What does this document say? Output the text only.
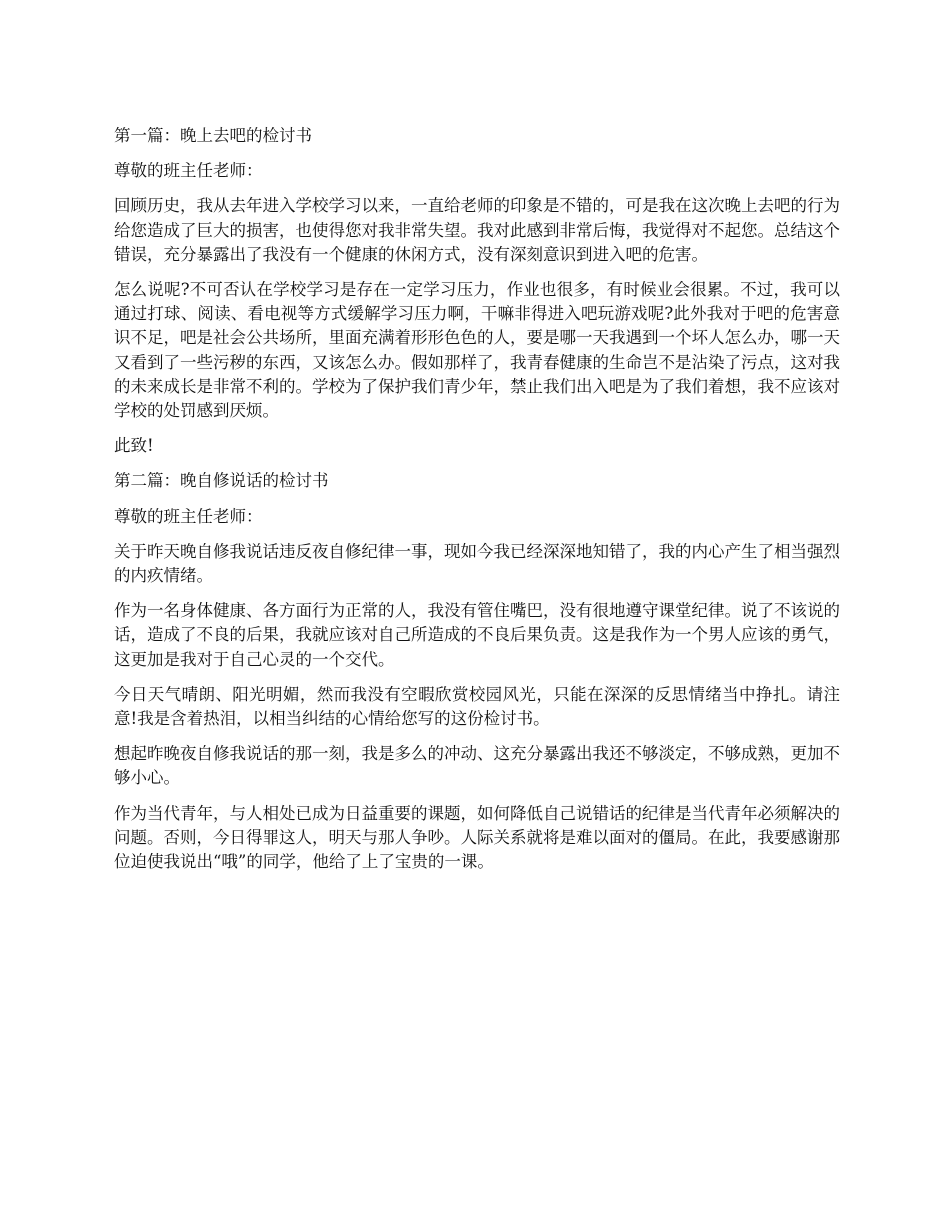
第一篇：晚上去吧的检讨书

尊敬的班主任老师：

回顾历史，我从去年进入学校学习以来，一直给老师的印象是不错的，可是我在这次晚上去吧的行为给您造成了巨大的损害，也使得您对我非常失望。我对此感到非常后悔，我觉得对不起您。总结这个错误，充分暴露出了我没有一个健康的休闲方式，没有深刻意识到进入吧的危害。

怎么说呢?不可否认在学校学习是存在一定学习压力，作业也很多，有时候业会很累。不过，我可以通过打球、阅读、看电视等方式缓解学习压力啊，干嘛非得进入吧玩游戏呢?此外我对于吧的危害意识不足，吧是社会公共场所，里面充满着形形色色的人，要是哪一天我遇到一个坏人怎么办，哪一天又看到了一些污秽的东西，又该怎么办。假如那样了，我青春健康的生命岂不是沾染了污点，这对我的未来成长是非常不利的。学校为了保护我们青少年，禁止我们出入吧是为了我们着想，我不应该对学校的处罚感到厌烦。

此致!

第二篇：晚自修说话的检讨书

尊敬的班主任老师：

关于昨天晚自修我说话违反夜自修纪律一事，现如今我已经深深地知错了，我的内心产生了相当强烈的内疚情绪。

作为一名身体健康、各方面行为正常的人，我没有管住嘴巴，没有很地遵守课堂纪律。说了不该说的话，造成了不良的后果，我就应该对自己所造成的不良后果负责。这是我作为一个男人应该的勇气，这更加是我对于自己心灵的一个交代。

今日天气晴朗、阳光明媚，然而我没有空暇欣赏校园风光，只能在深深的反思情绪当中挣扎。请注意!我是含着热泪，以相当纠结的心情给您写的这份检讨书。

想起昨晚夜自修我说话的那一刻，我是多么的冲动、这充分暴露出我还不够淡定，不够成熟，更加不够小心。

作为当代青年，与人相处已成为日益重要的课题，如何降低自己说错话的纪律是当代青年必须解决的问题。否则，今日得罪这人，明天与那人争吵。人际关系就将是难以面对的僵局。在此，我要感谢那位迫使我说出“哦”的同学，他给了上了宝贵的一课。
